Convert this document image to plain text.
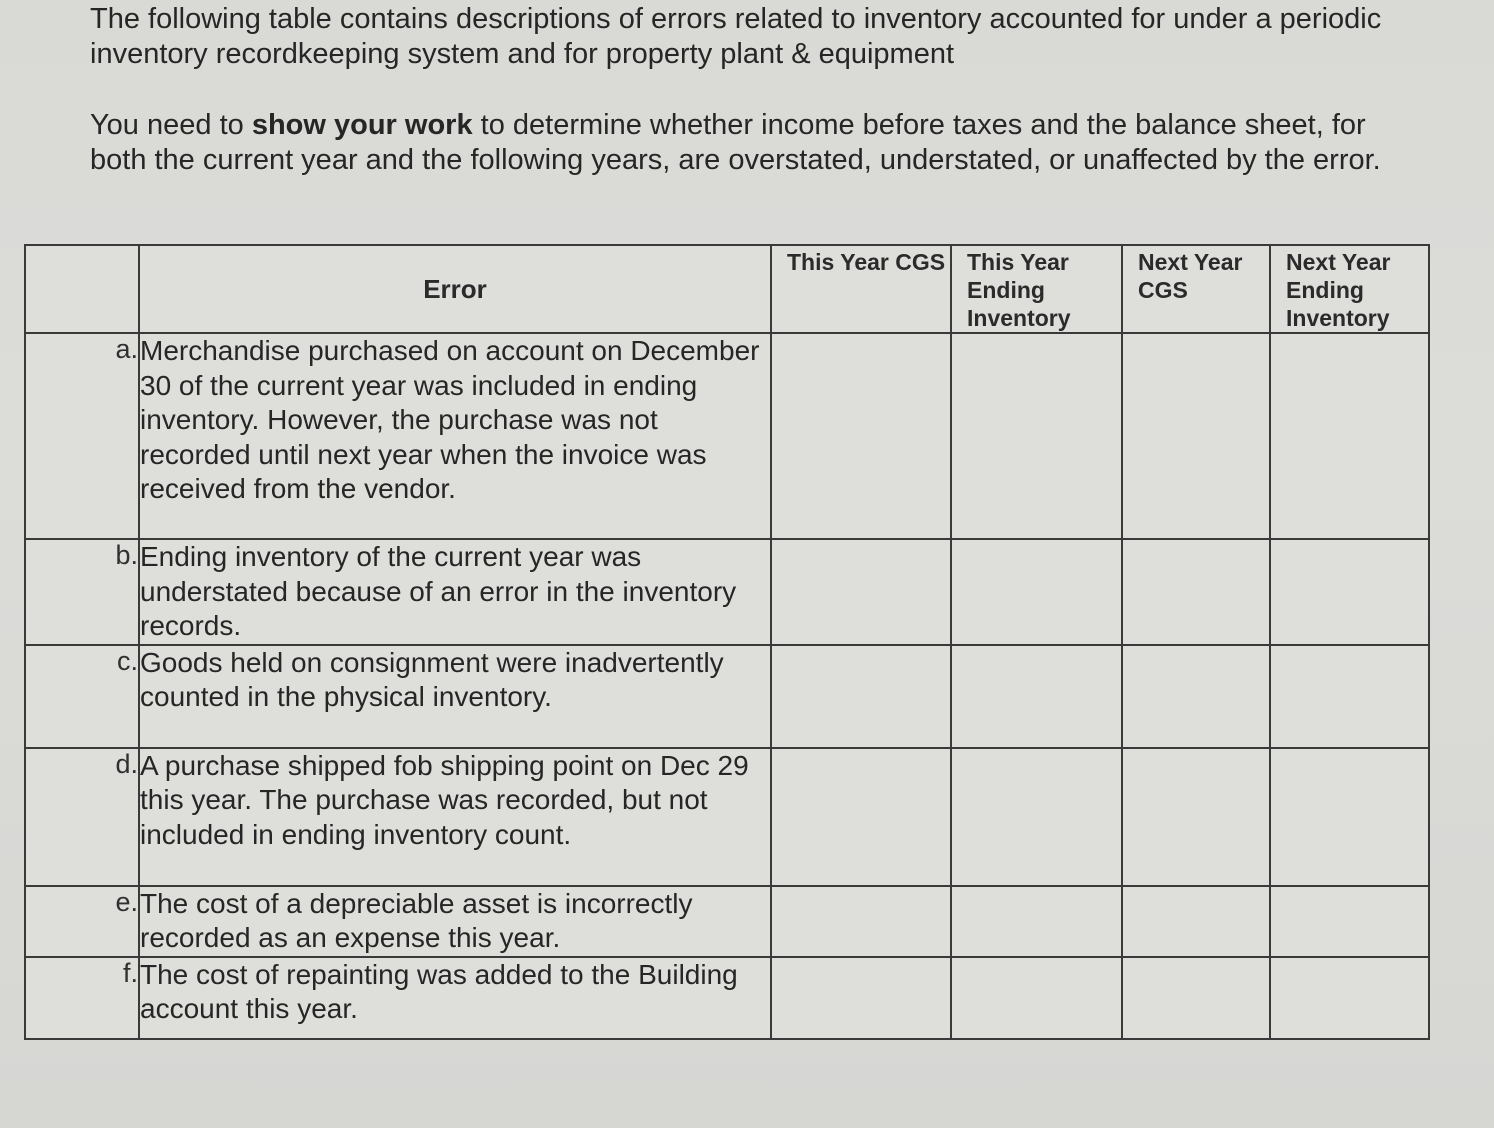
The following table contains descriptions of errors related to inventory accounted for under a periodic inventory recordkeeping system and for property plant & equipment

You need to show your work to determine whether income before taxes and the balance sheet, for both the current year and the following years, are overstated, understated, or unaffected by the error.

	Error	This Year CGS	This Year Ending Inventory	Next Year CGS	Next Year Ending Inventory

a.	Merchandise purchased on account on December 30 of the current year was included in ending inventory. However, the purchase was not recorded until next year when the invoice was received from the vendor.				
b.	Ending inventory of the current year was understated because of an error in the inventory records.				
c.	Goods held on consignment were inadvertently counted in the physical inventory.				
d.	A purchase shipped fob shipping point on Dec 29 this year. The purchase was recorded, but not included in ending inventory count.				
e.	The cost of a depreciable asset is incorrectly recorded as an expense this year.				
f.	The cost of repainting was added to the Building account this year.				
